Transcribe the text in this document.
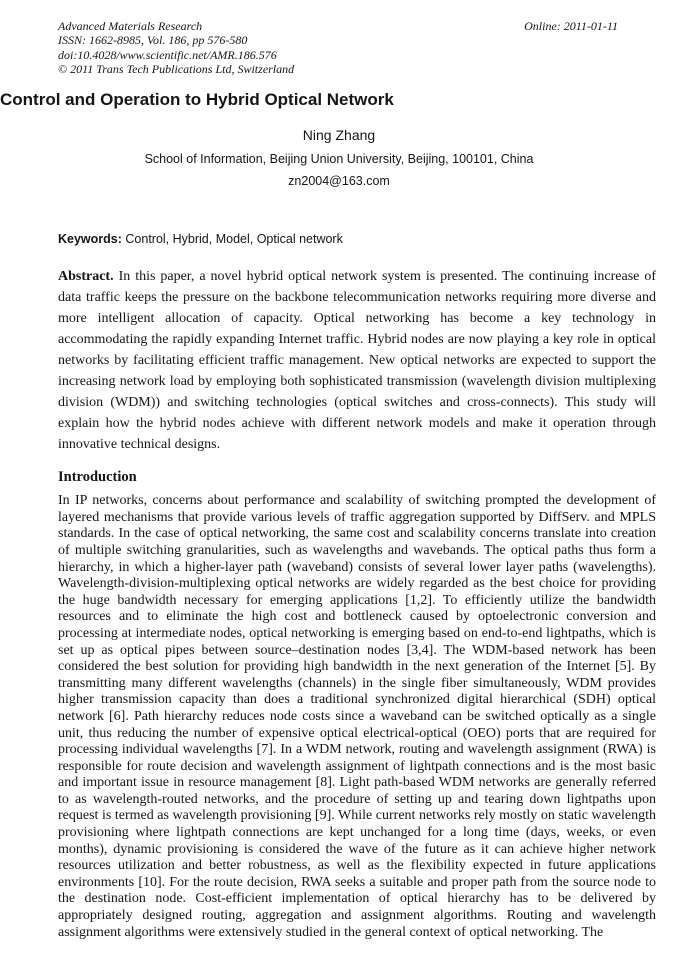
Advanced Materials Research
ISSN: 1662-8985, Vol. 186, pp 576-580
doi:10.4028/www.scientific.net/AMR.186.576
© 2011 Trans Tech Publications Ltd, Switzerland
Online: 2011-01-11
Control and Operation to Hybrid Optical Network
Ning Zhang
School of Information, Beijing Union University, Beijing, 100101, China
zn2004@163.com
Keywords: Control, Hybrid, Model, Optical network

Abstract. In this paper, a novel hybrid optical network system is presented. The continuing increase of data traffic keeps the pressure on the backbone telecommunication networks requiring more diverse and more intelligent allocation of capacity. Optical networking has become a key technology in accommodating the rapidly expanding Internet traffic. Hybrid nodes are now playing a key role in optical networks by facilitating efficient traffic management. New optical networks are expected to support the increasing network load by employing both sophisticated transmission (wavelength division multiplexing division (WDM)) and switching technologies (optical switches and cross-connects). This study will explain how the hybrid nodes achieve with different network models and make it operation through innovative technical designs.

Introduction

In IP networks, concerns about performance and scalability of switching prompted the development of layered mechanisms that provide various levels of traffic aggregation supported by DiffServ. and MPLS standards. In the case of optical networking, the same cost and scalability concerns translate into creation of multiple switching granularities, such as wavelengths and wavebands. The optical paths thus form a hierarchy, in which a higher-layer path (waveband) consists of several lower layer paths (wavelengths). Wavelength-division-multiplexing optical networks are widely regarded as the best choice for providing the huge bandwidth necessary for emerging applications [1,2]. To efficiently utilize the bandwidth resources and to eliminate the high cost and bottleneck caused by optoelectronic conversion and processing at intermediate nodes, optical networking is emerging based on end-to-end lightpaths, which is set up as optical pipes between source–destination nodes [3,4]. The WDM-based network has been considered the best solution for providing high bandwidth in the next generation of the Internet [5]. By transmitting many different wavelengths (channels) in the single fiber simultaneously, WDM provides higher transmission capacity than does a traditional synchronized digital hierarchical (SDH) optical network [6]. Path hierarchy reduces node costs since a waveband can be switched optically as a single unit, thus reducing the number of expensive optical electrical-optical (OEO) ports that are required for processing individual wavelengths [7]. In a WDM network, routing and wavelength assignment (RWA) is responsible for route decision and wavelength assignment of lightpath connections and is the most basic and important issue in resource management [8]. Light path-based WDM networks are generally referred to as wavelength-routed networks, and the procedure of setting up and tearing down lightpaths upon request is termed as wavelength provisioning [9]. While current networks rely mostly on static wavelength provisioning where lightpath connections are kept unchanged for a long time (days, weeks, or even months), dynamic provisioning is considered the wave of the future as it can achieve higher network resources utilization and better robustness, as well as the flexibility expected in future applications environments [10]. For the route decision, RWA seeks a suitable and proper path from the source node to the destination node. Cost-efficient implementation of optical hierarchy has to be delivered by appropriately designed routing, aggregation and assignment algorithms. Routing and wavelength assignment algorithms were extensively studied in the general context of optical networking. The
